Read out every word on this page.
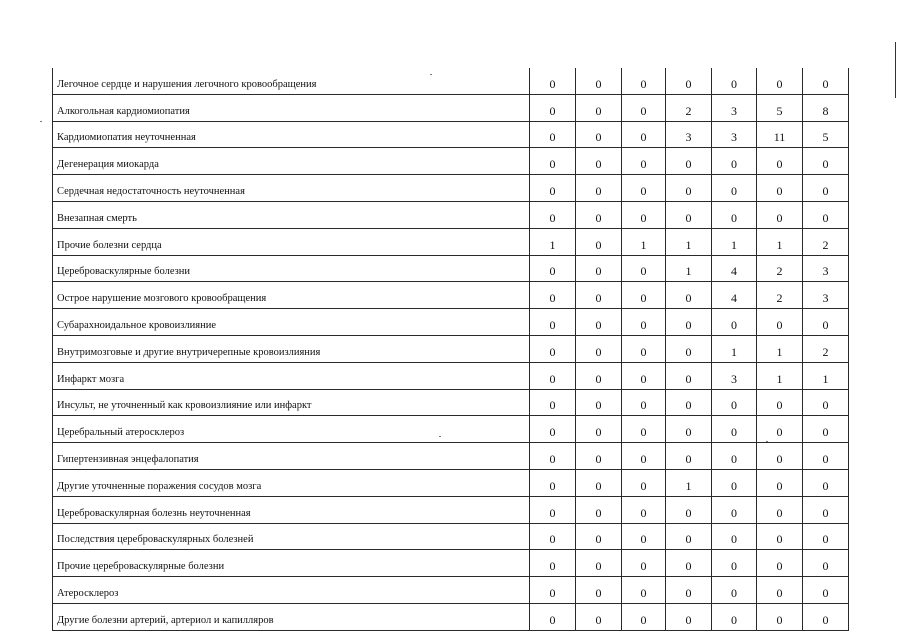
Легочное сердце и нарушения легочного кровообращения	0	0	0	0	0	0	0
Алкогольная кардиомиопатия	0	0	0	2	3	5	8
Кардиомиопатия неуточненная	0	0	0	3	3	11	5
Дегенерация миокарда	0	0	0	0	0	0	0
Сердечная недостаточность неуточненная	0	0	0	0	0	0	0
Внезапная смерть	0	0	0	0	0	0	0
Прочие болезни сердца	1	0	1	1	1	1	2
Цереброваскулярные болезни	0	0	0	1	4	2	3
Острое нарушение мозгового кровообращения	0	0	0	0	4	2	3
Субарахноидальное кровоизлияние	0	0	0	0	0	0	0
Внутримозговые и другие внутричерепные кровоизлияния	0	0	0	0	1	1	2
Инфаркт мозга	0	0	0	0	3	1	1
Инсульт, не уточненный как кровоизлияние или инфаркт	0	0	0	0	0	0	0
Церебральный атеросклероз	0	0	0	0	0	0	0
Гипертензивная энцефалопатия	0	0	0	0	0	0	0
Другие уточненные поражения сосудов мозга	0	0	0	1	0	0	0
Цереброваскулярная болезнь неуточненная	0	0	0	0	0	0	0
Последствия цереброваскулярных болезней	0	0	0	0	0	0	0
Прочие цереброваскулярные болезни	0	0	0	0	0	0	0
Атеросклероз	0	0	0	0	0	0	0
Другие болезни артерий, артериол и капилляров	0	0	0	0	0	0	0
